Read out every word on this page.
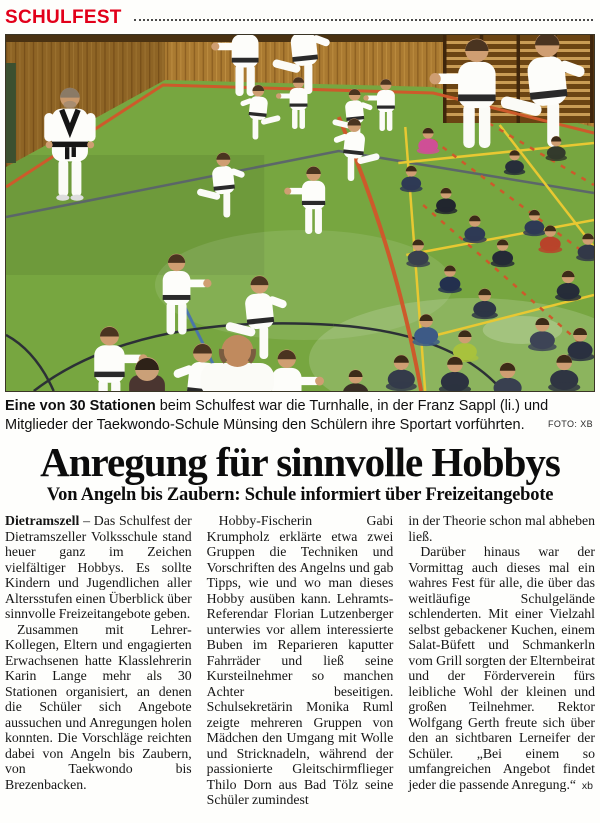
SCHULFEST
Eine von 30 Stationen beim Schulfest war die Turnhalle, in der Franz Sappl (li.) und Mitglieder der Taekwondo-Schule Münsing den Schülern ihre Sportart vorführten.	FOTO: XB
Anregung für sinnvolle Hobbys
Von Angeln bis Zaubern: Schule informiert über Freizeitangebote

Dietramszell – Das Schulfest der Dietramszeller Volksschule stand heuer ganz im Zeichen vielfältiger Hobbys. Es sollte Kindern und Jugendlichen aller Altersstufen einen Überblick über sinnvolle Freizeitangebote geben.

Zusammen mit Lehrer-Kollegen, Eltern und engagierten Erwachsenen hatte Klasslehrerin Karin Lange mehr als 30 Stationen organisiert, an denen die Schüler sich Angebote aussuchen und Anregungen holen konnten. Die Vorschläge reichten dabei von Angeln bis Zaubern, von Taekwondo bis Brezenbacken.

Hobby-Fischerin Gabi Krumpholz erklärte etwa zwei Gruppen die Techniken und Vorschriften des Angelns und gab Tipps, wie und wo man dieses Hobby ausüben kann. Lehramts-Referendar Florian Lutzenberger unterwies vor allem interessierte Buben im Reparieren kaputter Fahrräder und ließ seine Kursteilnehmer so manchen Achter beseitigen. Schulsekretärin Monika Ruml zeigte mehreren Gruppen von Mädchen den Umgang mit Wolle und Stricknadeln, während der passionierte Gleitschirmflieger Thilo Dorn aus Bad Tölz seine Schüler zumindest

in der Theorie schon mal abheben ließ.

Darüber hinaus war der Vormittag auch dieses mal ein wahres Fest für alle, die über das weitläufige Schulgelände schlenderten. Mit einer Vielzahl selbst gebackener Kuchen, einem Salat-Büfett und Schmankerln vom Grill sorgten der Elternbeirat und der Förderverein fürs leibliche Wohl der kleinen und großen Teilnehmer. Rektor Wolfgang Gerth freute sich über den an sichtbaren Lerneifer der Schüler. „Bei einem so umfangreichen Angebot findet jeder die passende Anregung.“ xb
